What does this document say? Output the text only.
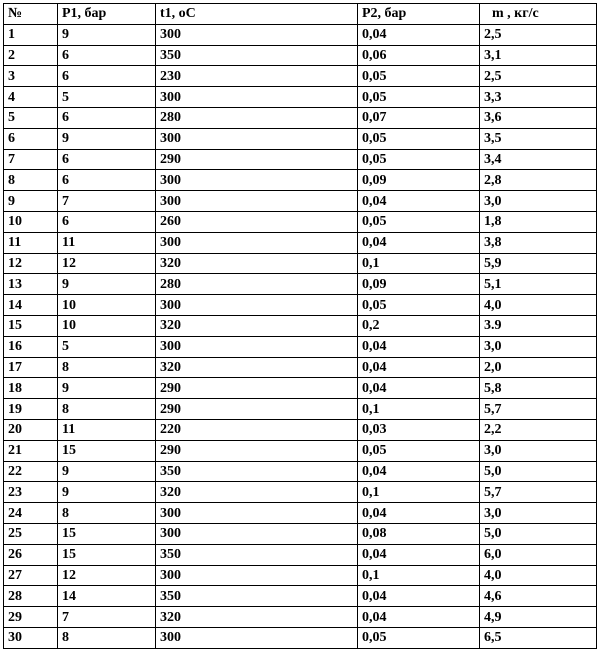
№	P1, бар	t1, oC	P2, бар	m , кг/с
1	9	300	0,04	2,5
2	6	350	0,06	3,1
3	6	230	0,05	2,5
4	5	300	0,05	3,3
5	6	280	0,07	3,6
6	9	300	0,05	3,5
7	6	290	0,05	3,4
8	6	300	0,09	2,8
9	7	300	0,04	3,0
10	6	260	0,05	1,8
11	11	300	0,04	3,8
12	12	320	0,1	5,9
13	9	280	0,09	5,1
14	10	300	0,05	4,0
15	10	320	0,2	3.9
16	5	300	0,04	3,0
17	8	320	0,04	2,0
18	9	290	0,04	5,8
19	8	290	0,1	5,7
20	11	220	0,03	2,2
21	15	290	0,05	3,0
22	9	350	0,04	5,0
23	9	320	0,1	5,7
24	8	300	0,04	3,0
25	15	300	0,08	5,0
26	15	350	0,04	6,0
27	12	300	0,1	4,0
28	14	350	0,04	4,6
29	7	320	0,04	4,9
30	8	300	0,05	6,5
